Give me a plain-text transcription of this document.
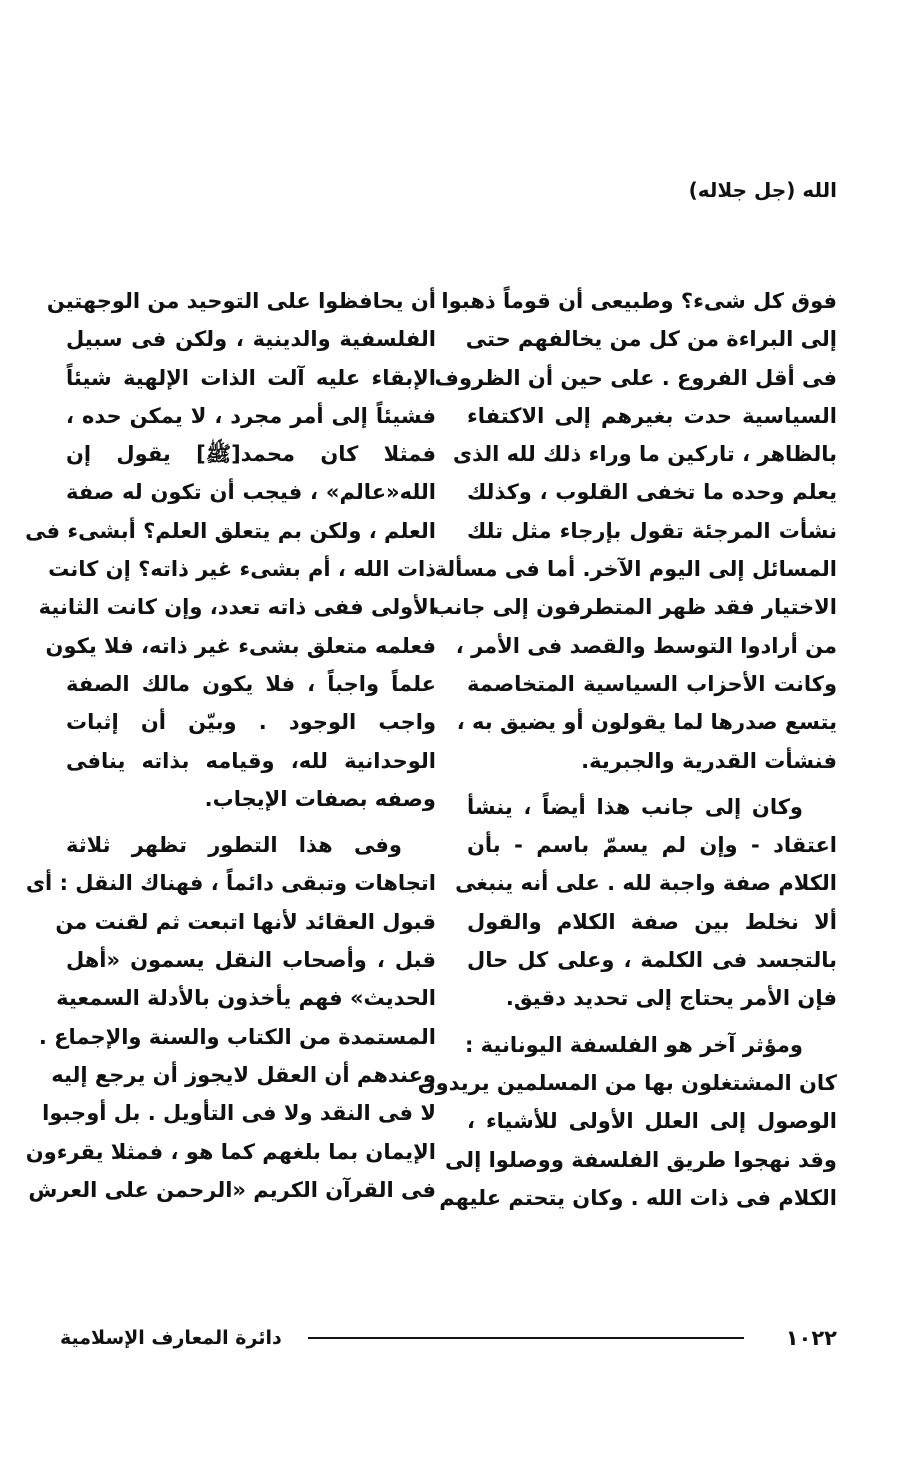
الله (جل جلاله)
فوق كل شىء؟ وطبيعى أن قوماً ذهبوا
إلى البراءة من كل من يخالفهم حتى
فى أقل الفروع . على حين أن الظروف
السياسية حدت بغيرهم إلى الاكتفاء
بالظاهر ، تاركين ما وراء ذلك لله الذى
يعلم وحده ما تخفى القلوب ، وكذلك
نشأت المرجئة تقول بإرجاء مثل تلك
المسائل إلى اليوم الآخر. أما فى مسألة
الاختيار فقد ظهر المتطرفون إلى جانب
من أرادوا التوسط والقصد فى الأمر ،
وكانت الأحزاب السياسية المتخاصمة
يتسع صدرها لما يقولون أو يضيق به ،
فنشأت القدرية والجبرية.
وكان إلى جانب هذا أيضاً ، ينشأ
اعتقاد - وإن لم يسمّ باسم - بأن
الكلام صفة واجبة لله . على أنه ينبغى
ألا نخلط بين صفة الكلام والقول
بالتجسد فى الكلمة ، وعلى كل حال
فإن الأمر يحتاج إلى تحديد دقيق.
ومؤثر آخر هو الفلسفة اليونانية :
كان المشتغلون بها من المسلمين يريدون
الوصول إلى العلل الأولى للأشياء ،
وقد نهجوا طريق الفلسفة ووصلوا إلى
الكلام فى ذات الله . وكان يتحتم عليهم
أن يحافظوا على التوحيد من الوجهتين
الفلسفية والدينية ، ولكن فى سبيل
الإبقاء عليه آلت الذات الإلهية شيئاً
فشيئاً إلى أمر مجرد ، لا يمكن حده ،
فمثلا كان محمد[ﷺ] يقول إن
الله«عالم» ، فيجب أن تكون له صفة
العلم ، ولكن بم يتعلق العلم؟ أبشىء فى
ذات الله ، أم بشىء غير ذاته؟ إن كانت
الأولى ففى ذاته تعدد، وإن كانت الثانية
فعلمه متعلق بشىء غير ذاته، فلا يكون
علماً واجباً ، فلا يكون مالك الصفة
واجب الوجود . وبيّن أن إثبات
الوحدانية لله، وقيامه بذاته ينافى
وصفه بصفات الإيجاب.
وفى هذا التطور تظهر ثلاثة
اتجاهات وتبقى دائماً ، فهناك النقل : أى
قبول العقائد لأنها اتبعت ثم لقنت من
قبل ، وأصحاب النقل يسمون «أهل
الحديث» فهم يأخذون بالأدلة السمعية
المستمدة من الكتاب والسنة والإجماع .
وعندهم أن العقل لايجوز أن يرجع إليه
لا فى النقد ولا فى التأويل . بل أوجبوا
الإيمان بما بلغهم كما هو ، فمثلا يقرءون
فى القرآن الكريم «الرحمن على العرش
١٠٢٢
دائرة المعارف الإسلامية
